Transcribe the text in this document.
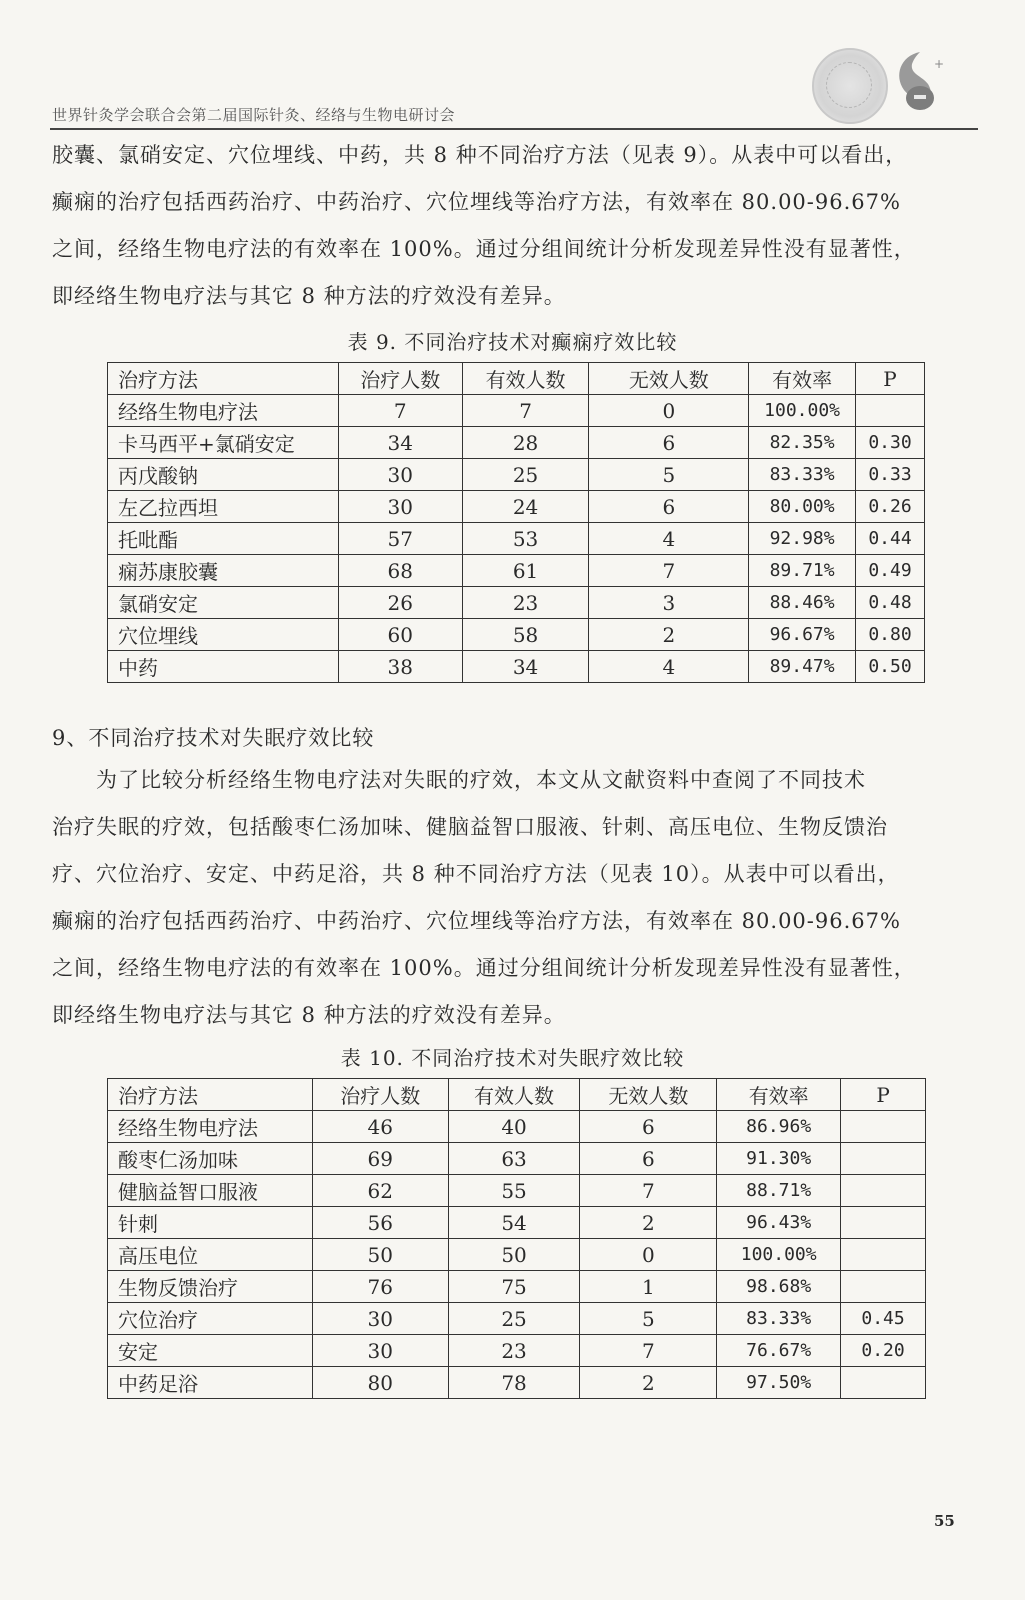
+
世界针灸学会联合会第二届国际针灸、经络与生物电研讨会

胶囊、氯硝安定、穴位埋线、中药，共 8 种不同治疗方法（见表 9）。从表中可以看出，

癫痫的治疗包括西药治疗、中药治疗、穴位埋线等治疗方法，有效率在 80.00-96.67%

之间，经络生物电疗法的有效率在 100%。通过分组间统计分析发现差异性没有显著性，

即经络生物电疗法与其它 8 种方法的疗效没有差异。

表 9. 不同治疗技术对癫痫疗效比较
治疗方法	治疗人数	有效人数	无效人数	有效率	P
经络生物电疗法	7	7	0	100.00%	
卡马西平+氯硝安定	34	28	6	82.35%	0.30
丙戊酸钠	30	25	5	83.33%	0.33
左乙拉西坦	30	24	6	80.00%	0.26
托吡酯	57	53	4	92.98%	0.44
痫苏康胶囊	68	61	7	89.71%	0.49
氯硝安定	26	23	3	88.46%	0.48
穴位埋线	60	58	2	96.67%	0.80
中药	38	34	4	89.47%	0.50
9、不同治疗技术对失眠疗效比较

　　为了比较分析经络生物电疗法对失眠的疗效，本文从文献资料中查阅了不同技术

治疗失眠的疗效，包括酸枣仁汤加味、健脑益智口服液、针刺、高压电位、生物反馈治

疗、穴位治疗、安定、中药足浴，共 8 种不同治疗方法（见表 10）。从表中可以看出，

癫痫的治疗包括西药治疗、中药治疗、穴位埋线等治疗方法，有效率在 80.00-96.67%

之间，经络生物电疗法的有效率在 100%。通过分组间统计分析发现差异性没有显著性，

即经络生物电疗法与其它 8 种方法的疗效没有差异。

表 10. 不同治疗技术对失眠疗效比较
治疗方法	治疗人数	有效人数	无效人数	有效率	P
经络生物电疗法	46	40	6	86.96%	
酸枣仁汤加味	69	63	6	91.30%	
健脑益智口服液	62	55	7	88.71%	
针刺	56	54	2	96.43%	
高压电位	50	50	0	100.00%	
生物反馈治疗	76	75	1	98.68%	
穴位治疗	30	25	5	83.33%	0.45
安定	30	23	7	76.67%	0.20
中药足浴	80	78	2	97.50%	
55
